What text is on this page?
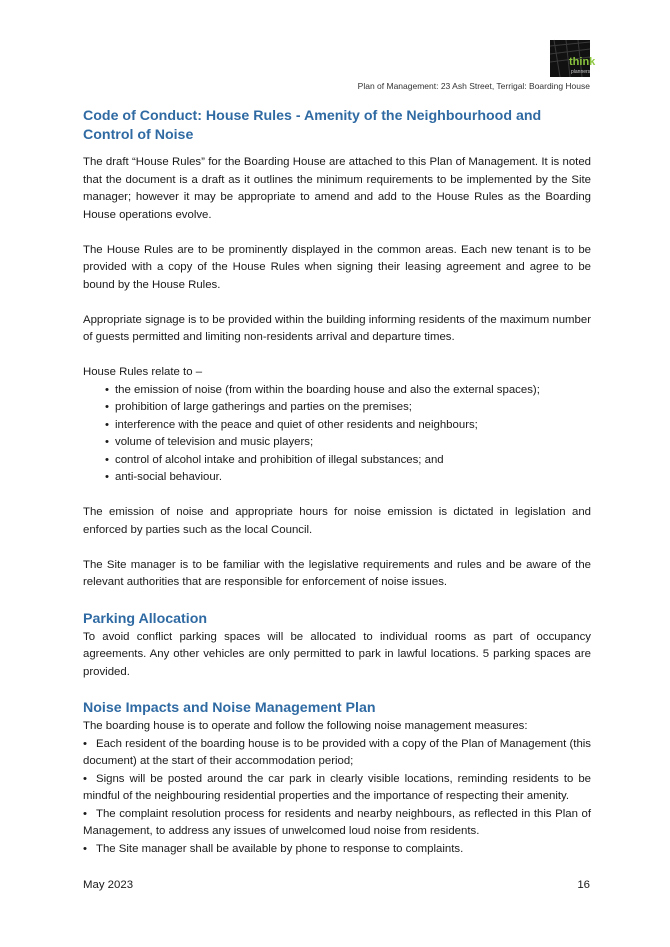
think
planners
Plan of Management: 23 Ash Street, Terrigal: Boarding House
Code of Conduct: House Rules - Amenity of the Neighbourhood and Control of Noise

The draft “House Rules” for the Boarding House are attached to this Plan of Management. It is noted that the document is a draft as it outlines the minimum requirements to be implemented by the Site manager; however it may be appropriate to amend and add to the House Rules as the Boarding House operations evolve.

The House Rules are to be prominently displayed in the common areas. Each new tenant is to be provided with a copy of the House Rules when signing their leasing agreement and agree to be bound by the House Rules.

Appropriate signage is to be provided within the building informing residents of the maximum number of guests permitted and limiting non-residents arrival and departure times.

House Rules relate to –

• the emission of noise (from within the boarding house and also the external spaces);
• prohibition of large gatherings and parties on the premises;
• interference with the peace and quiet of other residents and neighbours;
• volume of television and music players;
• control of alcohol intake and prohibition of illegal substances; and
• anti-social behaviour.

The emission of noise and appropriate hours for noise emission is dictated in legislation and enforced by parties such as the local Council.

The Site manager is to be familiar with the legislative requirements and rules and be aware of the relevant authorities that are responsible for enforcement of noise issues.

Parking Allocation

To avoid conflict parking spaces will be allocated to individual rooms as part of occupancy agreements. Any other vehicles are only permitted to park in lawful locations. 5 parking spaces are provided.

Noise Impacts and Noise Management Plan

The boarding house is to operate and follow the following noise management measures:

• Each resident of the boarding house is to be provided with a copy of the Plan of Management (this document) at the start of their accommodation period;

• Signs will be posted around the car park in clearly visible locations, reminding residents to be mindful of the neighbouring residential properties and the importance of respecting their amenity.

• The complaint resolution process for residents and nearby neighbours, as reflected in this Plan of Management, to address any issues of unwelcomed loud noise from residents.

• The Site manager shall be available by phone to response to complaints.

May 2023	16
